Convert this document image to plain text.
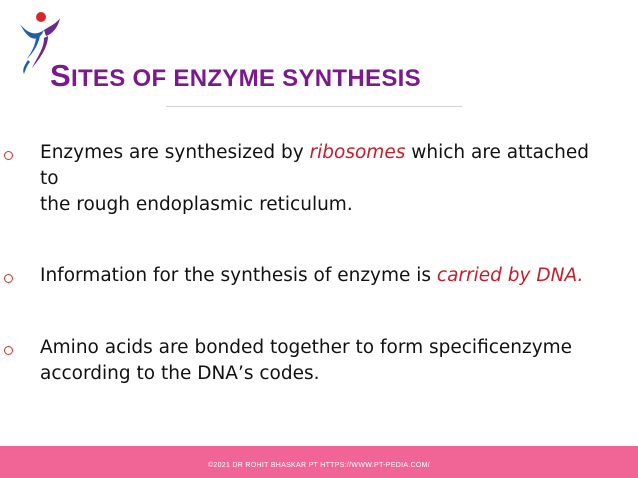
SITES OF ENZYME SYNTHESIS
Enzymes are synthesized by ribosomes which are attached
to
the rough endoplasmic reticulum.
Information for the synthesis of enzyme is carried by DNA.
Amino acids are bonded together to form specificenzyme
according to the DNA’s codes.
©2021 DR ROHIT BHASKAR PT HTTPS://WWW.PT-PEDIA.COM/
